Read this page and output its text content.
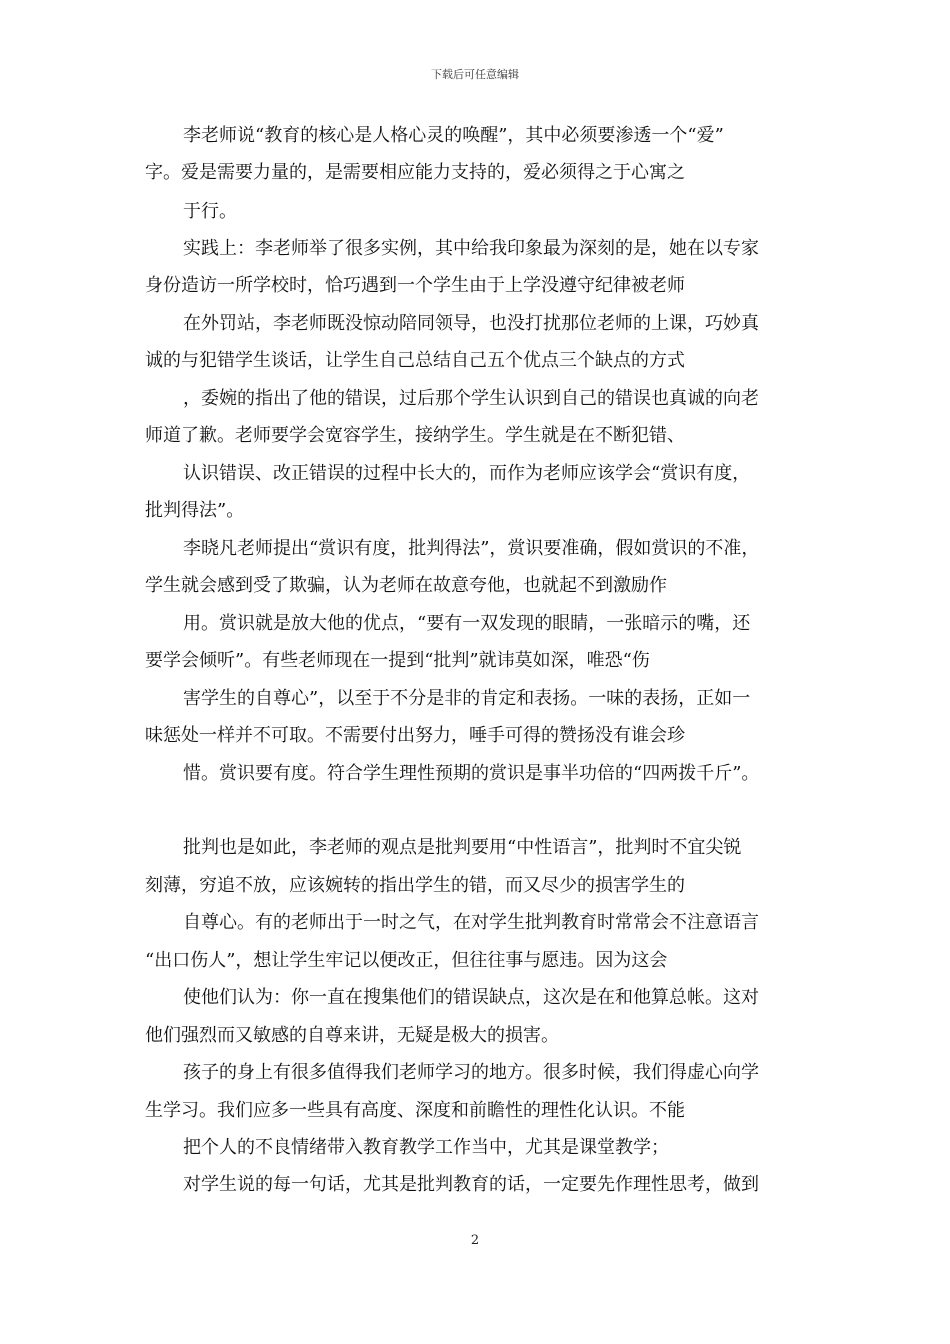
下载后可任意编辑
李老师说“教育的核心是人格心灵的唤醒”，其中必须要渗透一个“爱”
字。爱是需要力量的，是需要相应能力支持的，爱必须得之于心寓之
于行。
实践上：李老师举了很多实例，其中给我印象最为深刻的是，她在以专家
身份造访一所学校时，恰巧遇到一个学生由于上学没遵守纪律被老师
在外罚站，李老师既没惊动陪同领导，也没打扰那位老师的上课，巧妙真
诚的与犯错学生谈话，让学生自己总结自己五个优点三个缺点的方式
，委婉的指出了他的错误，过后那个学生认识到自己的错误也真诚的向老
师道了歉。老师要学会宽容学生，接纳学生。学生就是在不断犯错、
认识错误、改正错误的过程中长大的，而作为老师应该学会“赏识有度，
批判得法”。
李晓凡老师提出“赏识有度，批判得法”，赏识要准确，假如赏识的不准，
学生就会感到受了欺骗，认为老师在故意夸他，也就起不到激励作
用。赏识就是放大他的优点，“要有一双发现的眼睛，一张暗示的嘴，还
要学会倾听”。有些老师现在一提到“批判”就讳莫如深，唯恐“伤
害学生的自尊心”，以至于不分是非的肯定和表扬。一味的表扬，正如一
味惩处一样并不可取。不需要付出努力，唾手可得的赞扬没有谁会珍
惜。赏识要有度。符合学生理性预期的赏识是事半功倍的“四两拨千斤”。
批判也是如此，李老师的观点是批判要用“中性语言”，批判时不宜尖锐
刻薄，穷追不放，应该婉转的指出学生的错，而又尽少的损害学生的
自尊心。有的老师出于一时之气，在对学生批判教育时常常会不注意语言
“出口伤人”，想让学生牢记以便改正，但往往事与愿违。因为这会
使他们认为：你一直在搜集他们的错误缺点，这次是在和他算总帐。这对
他们强烈而又敏感的自尊来讲，无疑是极大的损害。
孩子的身上有很多值得我们老师学习的地方。很多时候，我们得虚心向学
生学习。我们应多一些具有高度、深度和前瞻性的理性化认识。不能
把个人的不良情绪带入教育教学工作当中，尤其是课堂教学；
对学生说的每一句话，尤其是批判教育的话，一定要先作理性思考，做到
2
